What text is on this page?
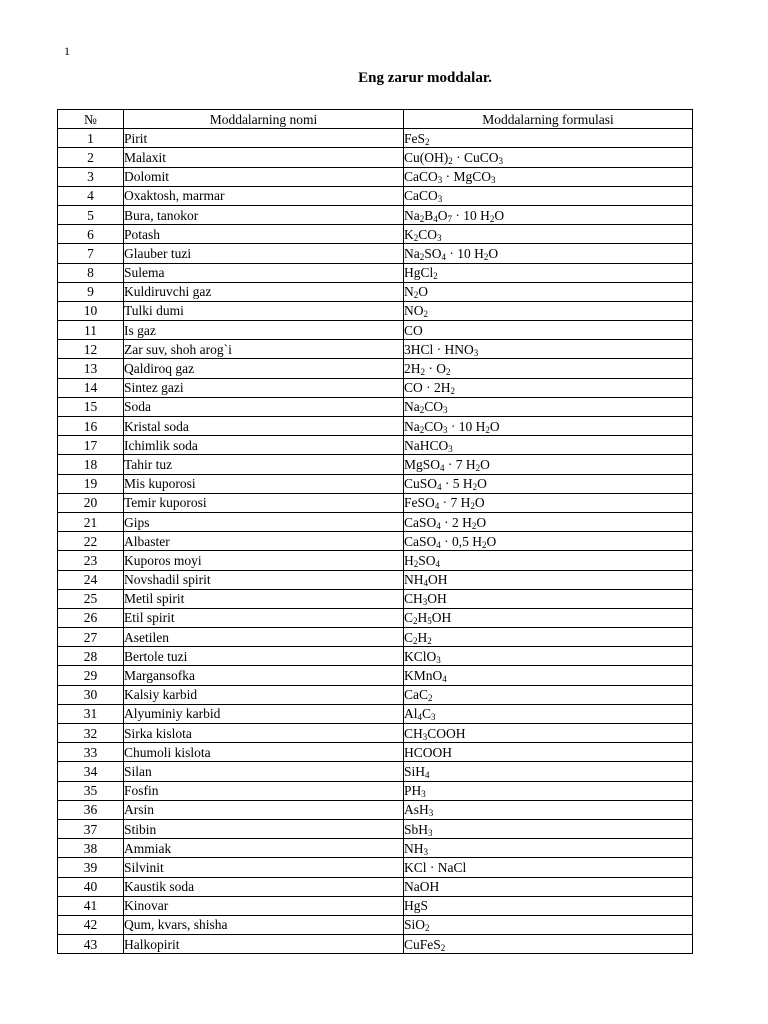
1
Eng zarur moddalar.
№	Moddalarning nomi	Moddalarning formulasi
1	Pirit	FeS$_2$
2	Malaxit	$Cu(OH)_2$ · CuCO$_3$
3	Dolomit	CaCO$_3$ · MgCO$_3$
4	Oxaktosh, marmar	CaCO$_3$
5	Bura, tanokor	$Na_2B_4O_7 \cdot 10$ $H_2O$
6	Potash	$K_2CO_3$
7	Glauber tuzi	$Na_2SO_4 \cdot 10$ $H_2O$
8	Sulema	HgCl$_2$
9	Kuldiruvchi gaz	$N_2O$
10	Tulki dumi	$NO_2$
11	Is gaz	CO
12	Zar suv, shoh arog`i	$3HCl \cdot HNO_3$
13	Qaldiroq gaz	$2H_2 \cdot O_2$
14	Sintez gazi	CO · $2H_2$
15	Soda	$Na_2CO_3$
16	Kristal soda	$Na_2CO_3 \cdot 10$ $H_2O$
17	Ichimlik soda	NaHCO$_3$
18	Tahir tuz	MgSO$_4$ · 7 $H_2O$
19	Mis kuporosi	CuSO$_4$ · 5 $H_2O$
20	Temir kuporosi	FeSO$_4$ · 7 $H_2O$
21	Gips	CaSO$_4$ · 2 $H_2O$
22	Albaster	CaSO$_4$ · 0,5 $H_2O$
23	Kuporos moyi	$H_2SO_4$
24	Novshadil spirit	$NH_4OH$
25	Metil spirit	$CH_3OH$
26	Etil spirit	$C_2H_5OH$
27	Asetilen	$C_2H_2$
28	Bertole tuzi	KClO$_3$
29	Margansofka	KMnO$_4$
30	Kalsiy karbid	CaC$_2$
31	Alyuminiy karbid	$Al_4C_3$
32	Sirka kislota	$CH_3COOH$
33	Chumoli kislota	HCOOH
34	Silan	SiH$_4$
35	Fosfin	$PH_3$
36	Arsin	AsH$_3$
37	Stibin	SbH$_3$
38	Ammiak	$NH_3$
39	Silvinit	KCl · NaCl
40	Kaustik soda	NaOH
41	Kinovar	HgS
42	Qum, kvars, shisha	SiO$_2$
43	Halkopirit	CuFeS$_2$
